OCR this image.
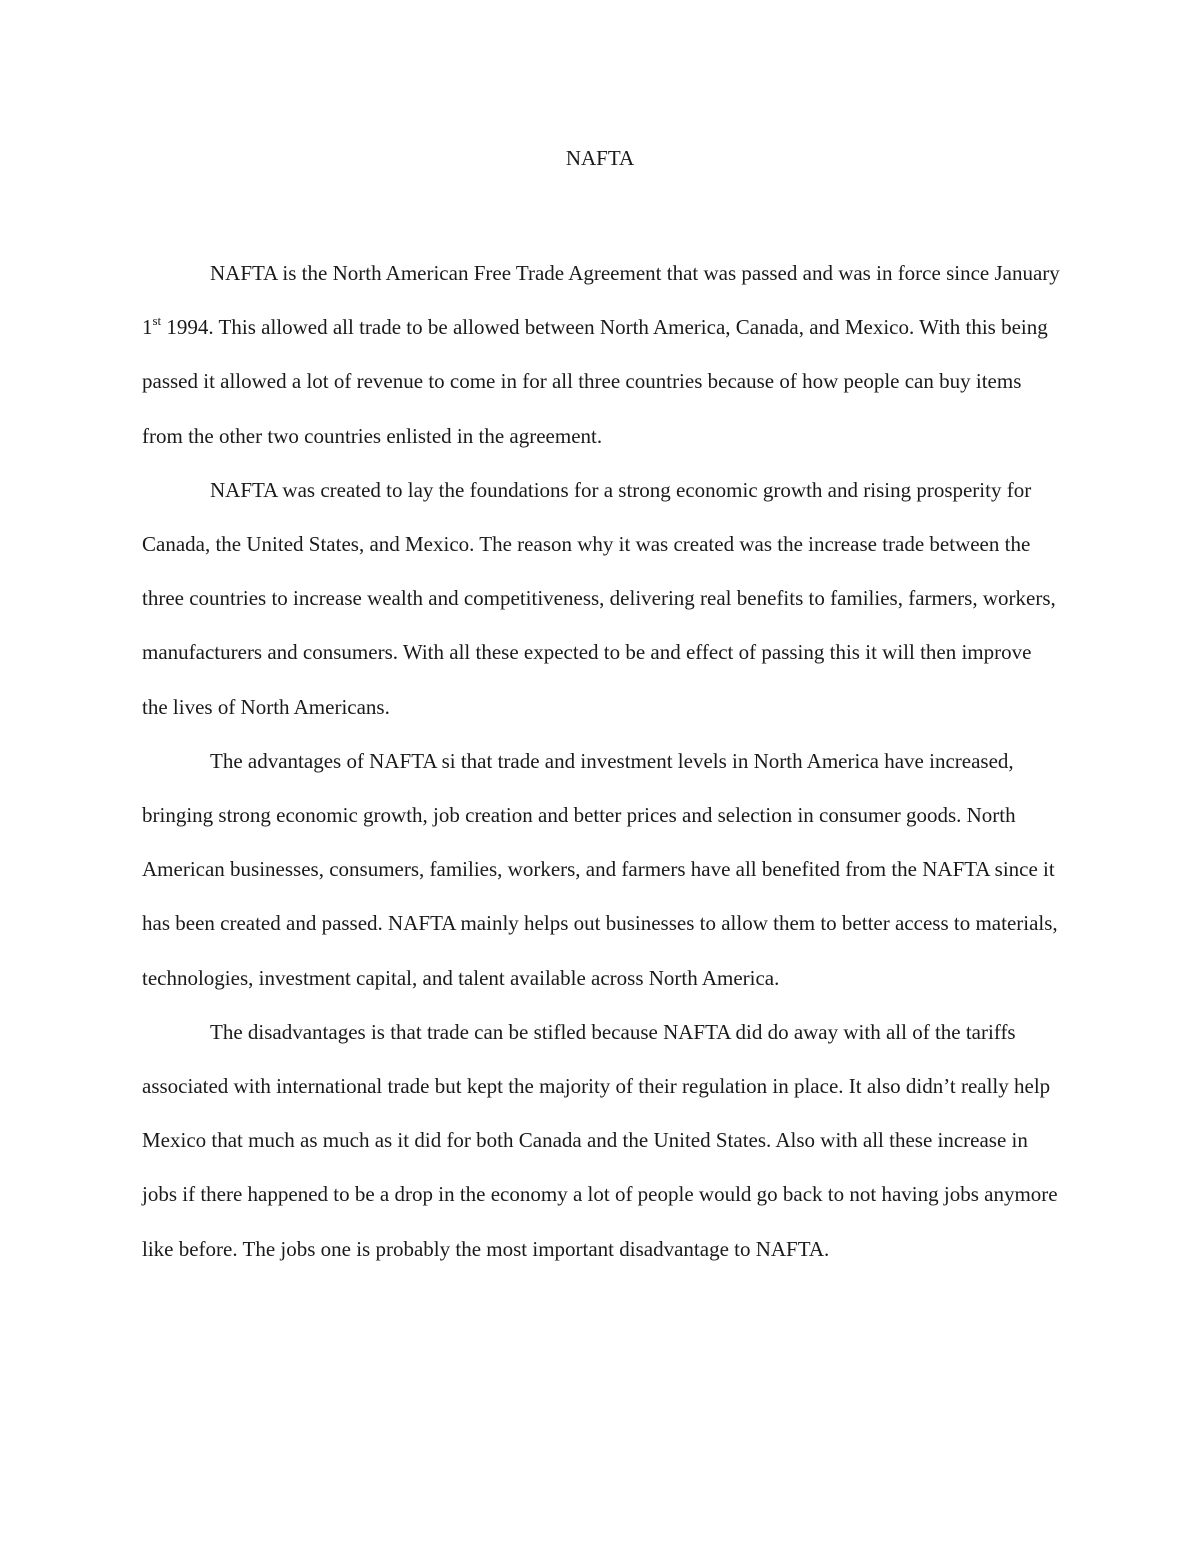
NAFTA

NAFTA is the North American Free Trade Agreement that was passed and was in force since January 1st 1994. This allowed all trade to be allowed between North America, Canada, and Mexico. With this being passed it allowed a lot of revenue to come in for all three countries because of how people can buy items from the other two countries enlisted in the agreement.

NAFTA was created to lay the foundations for a strong economic growth and rising prosperity for Canada, the United States, and Mexico. The reason why it was created was the increase trade between the three countries to increase wealth and competitiveness, delivering real benefits to families, farmers, workers, manufacturers and consumers. With all these expected to be and effect of passing this it will then improve the lives of North Americans.

The advantages of NAFTA si that trade and investment levels in North America have increased, bringing strong economic growth, job creation and better prices and selection in consumer goods. North American businesses, consumers, families, workers, and farmers have all benefited from the NAFTA since it has been created and passed. NAFTA mainly helps out businesses to allow them to better access to materials, technologies, investment capital, and talent available across North America.

The disadvantages is that trade can be stifled because NAFTA did do away with all of the tariffs associated with international trade but kept the majority of their regulation in place. It also didn’t really help Mexico that much as much as it did for both Canada and the United States. Also with all these increase in jobs if there happened to be a drop in the economy a lot of people would go back to not having jobs anymore like before. The jobs one is probably the most important disadvantage to NAFTA.
